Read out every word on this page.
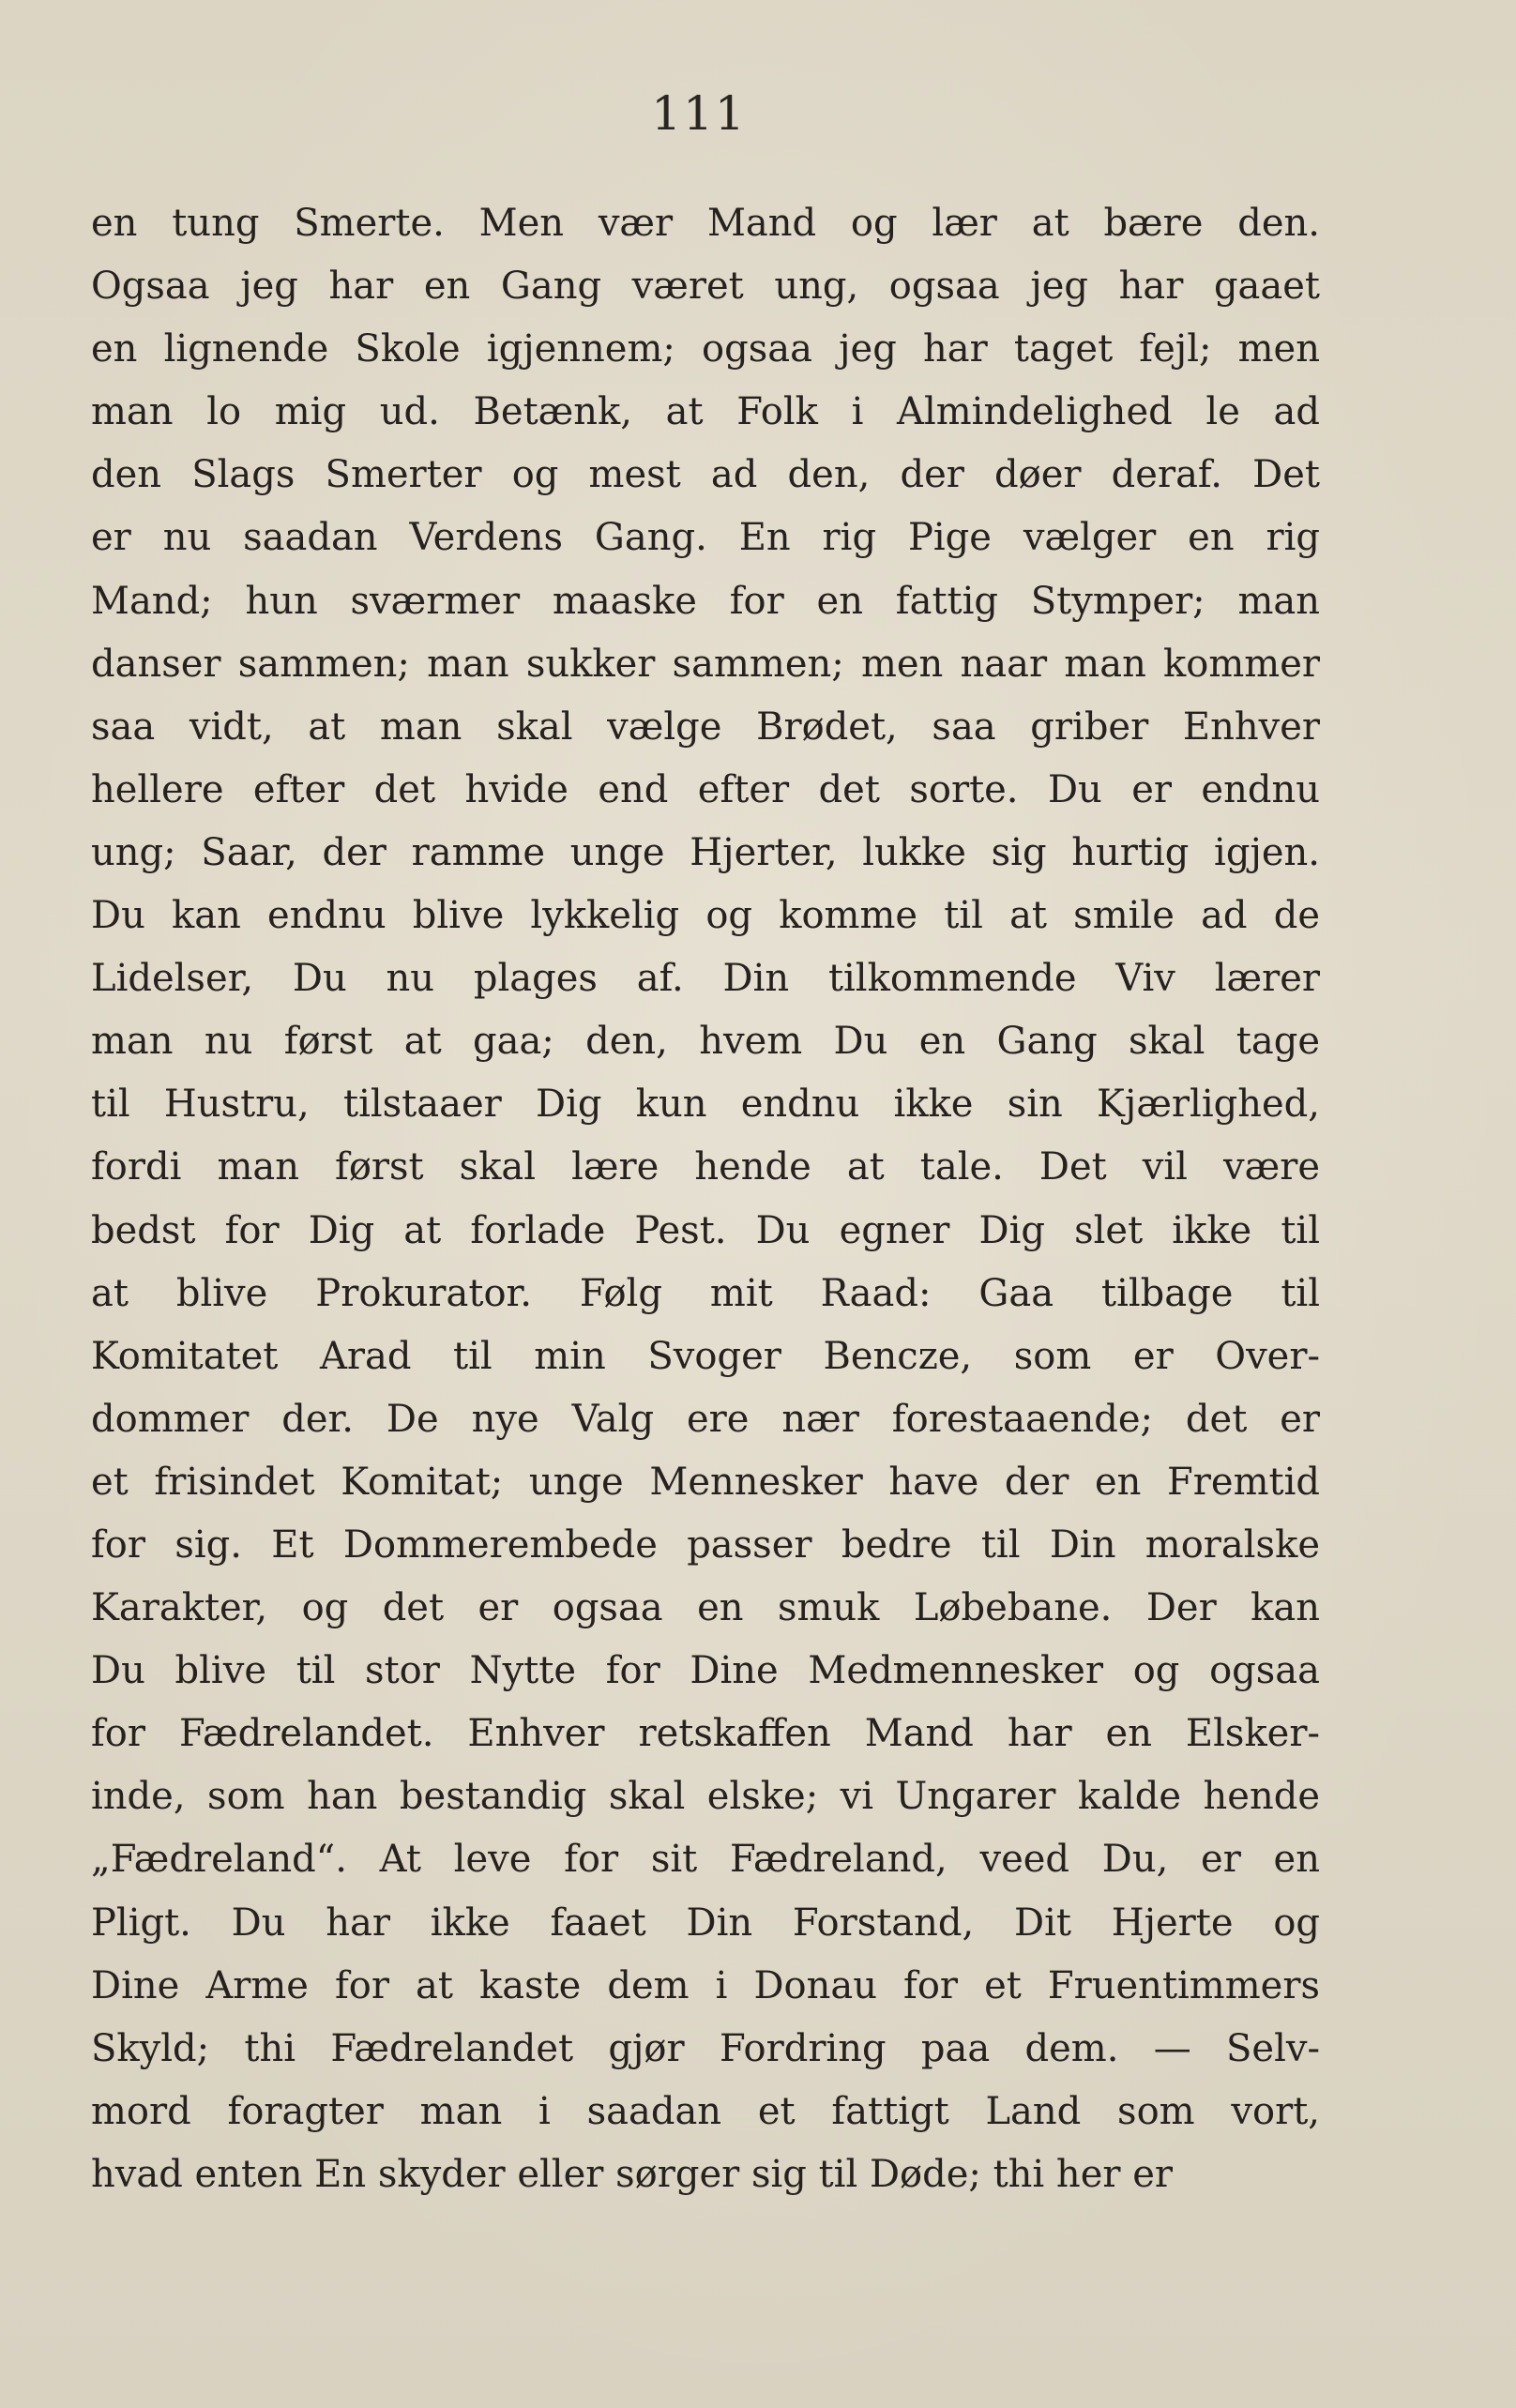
111
en tung Smerte. Men vær Mand og lær at bære den.
Ogsaa jeg har en Gang været ung, ogsaa jeg har gaaet
en lignende Skole igjennem; ogsaa jeg har taget fejl; men
man lo mig ud. Betænk, at Folk i Almindelighed le ad
den Slags Smerter og mest ad den, der døer deraf. Det
er nu saadan Verdens Gang. En rig Pige vælger en rig
Mand; hun sværmer maaske for en fattig Stymper; man
danser sammen; man sukker sammen; men naar man kommer
saa vidt, at man skal vælge Brødet, saa griber Enhver
hellere efter det hvide end efter det sorte. Du er endnu
ung; Saar, der ramme unge Hjerter, lukke sig hurtig igjen.
Du kan endnu blive lykkelig og komme til at smile ad de
Lidelser, Du nu plages af. Din tilkommende Viv lærer
man nu først at gaa; den, hvem Du en Gang skal tage
til Hustru, tilstaaer Dig kun endnu ikke sin Kjærlighed,
fordi man først skal lære hende at tale. Det vil være
bedst for Dig at forlade Pest. Du egner Dig slet ikke til
at blive Prokurator. Følg mit Raad: Gaa tilbage til
Komitatet Arad til min Svoger Bencze, som er Over-
dommer der. De nye Valg ere nær forestaaende; det er
et frisindet Komitat; unge Mennesker have der en Fremtid
for sig. Et Dommerembede passer bedre til Din moralske
Karakter, og det er ogsaa en smuk Løbebane. Der kan
Du blive til stor Nytte for Dine Medmennesker og ogsaa
for Fædrelandet. Enhver retskaffen Mand har en Elsker-
inde, som han bestandig skal elske; vi Ungarer kalde hende
„Fædreland“. At leve for sit Fædreland, veed Du, er en
Pligt. Du har ikke faaet Din Forstand, Dit Hjerte og
Dine Arme for at kaste dem i Donau for et Fruentimmers
Skyld; thi Fædrelandet gjør Fordring paa dem. — Selv-
mord foragter man i saadan et fattigt Land som vort,
hvad enten En skyder eller sørger sig til Døde; thi her er
